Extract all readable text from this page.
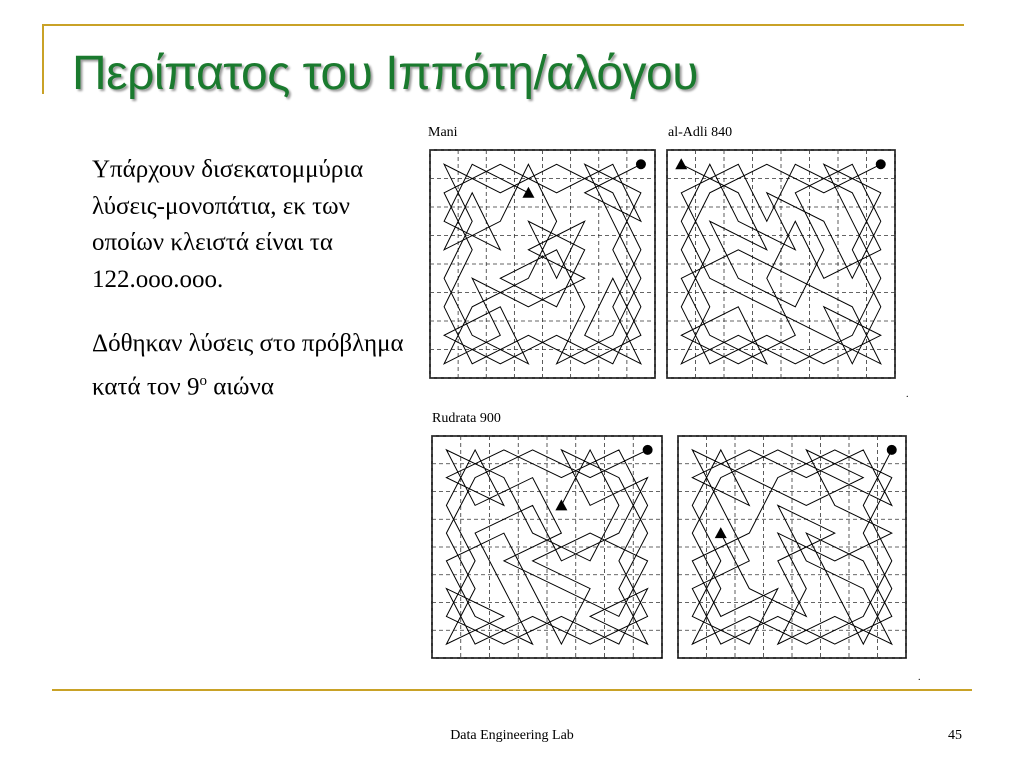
Περίπατος του Ιππότη/αλόγου

Υπάρχουν δισεκατομμύρια λύσεις-μονοπάτια, εκ των οποίων κλειστά είναι τα 122.ooo.ooo.

Δόθηκαν λύσεις στο πρόβλημα κατά τον $9^o$ αιώνα

Mani	al-Adli 840
Rudrata 900
.
.
Data Engineering Lab	45
